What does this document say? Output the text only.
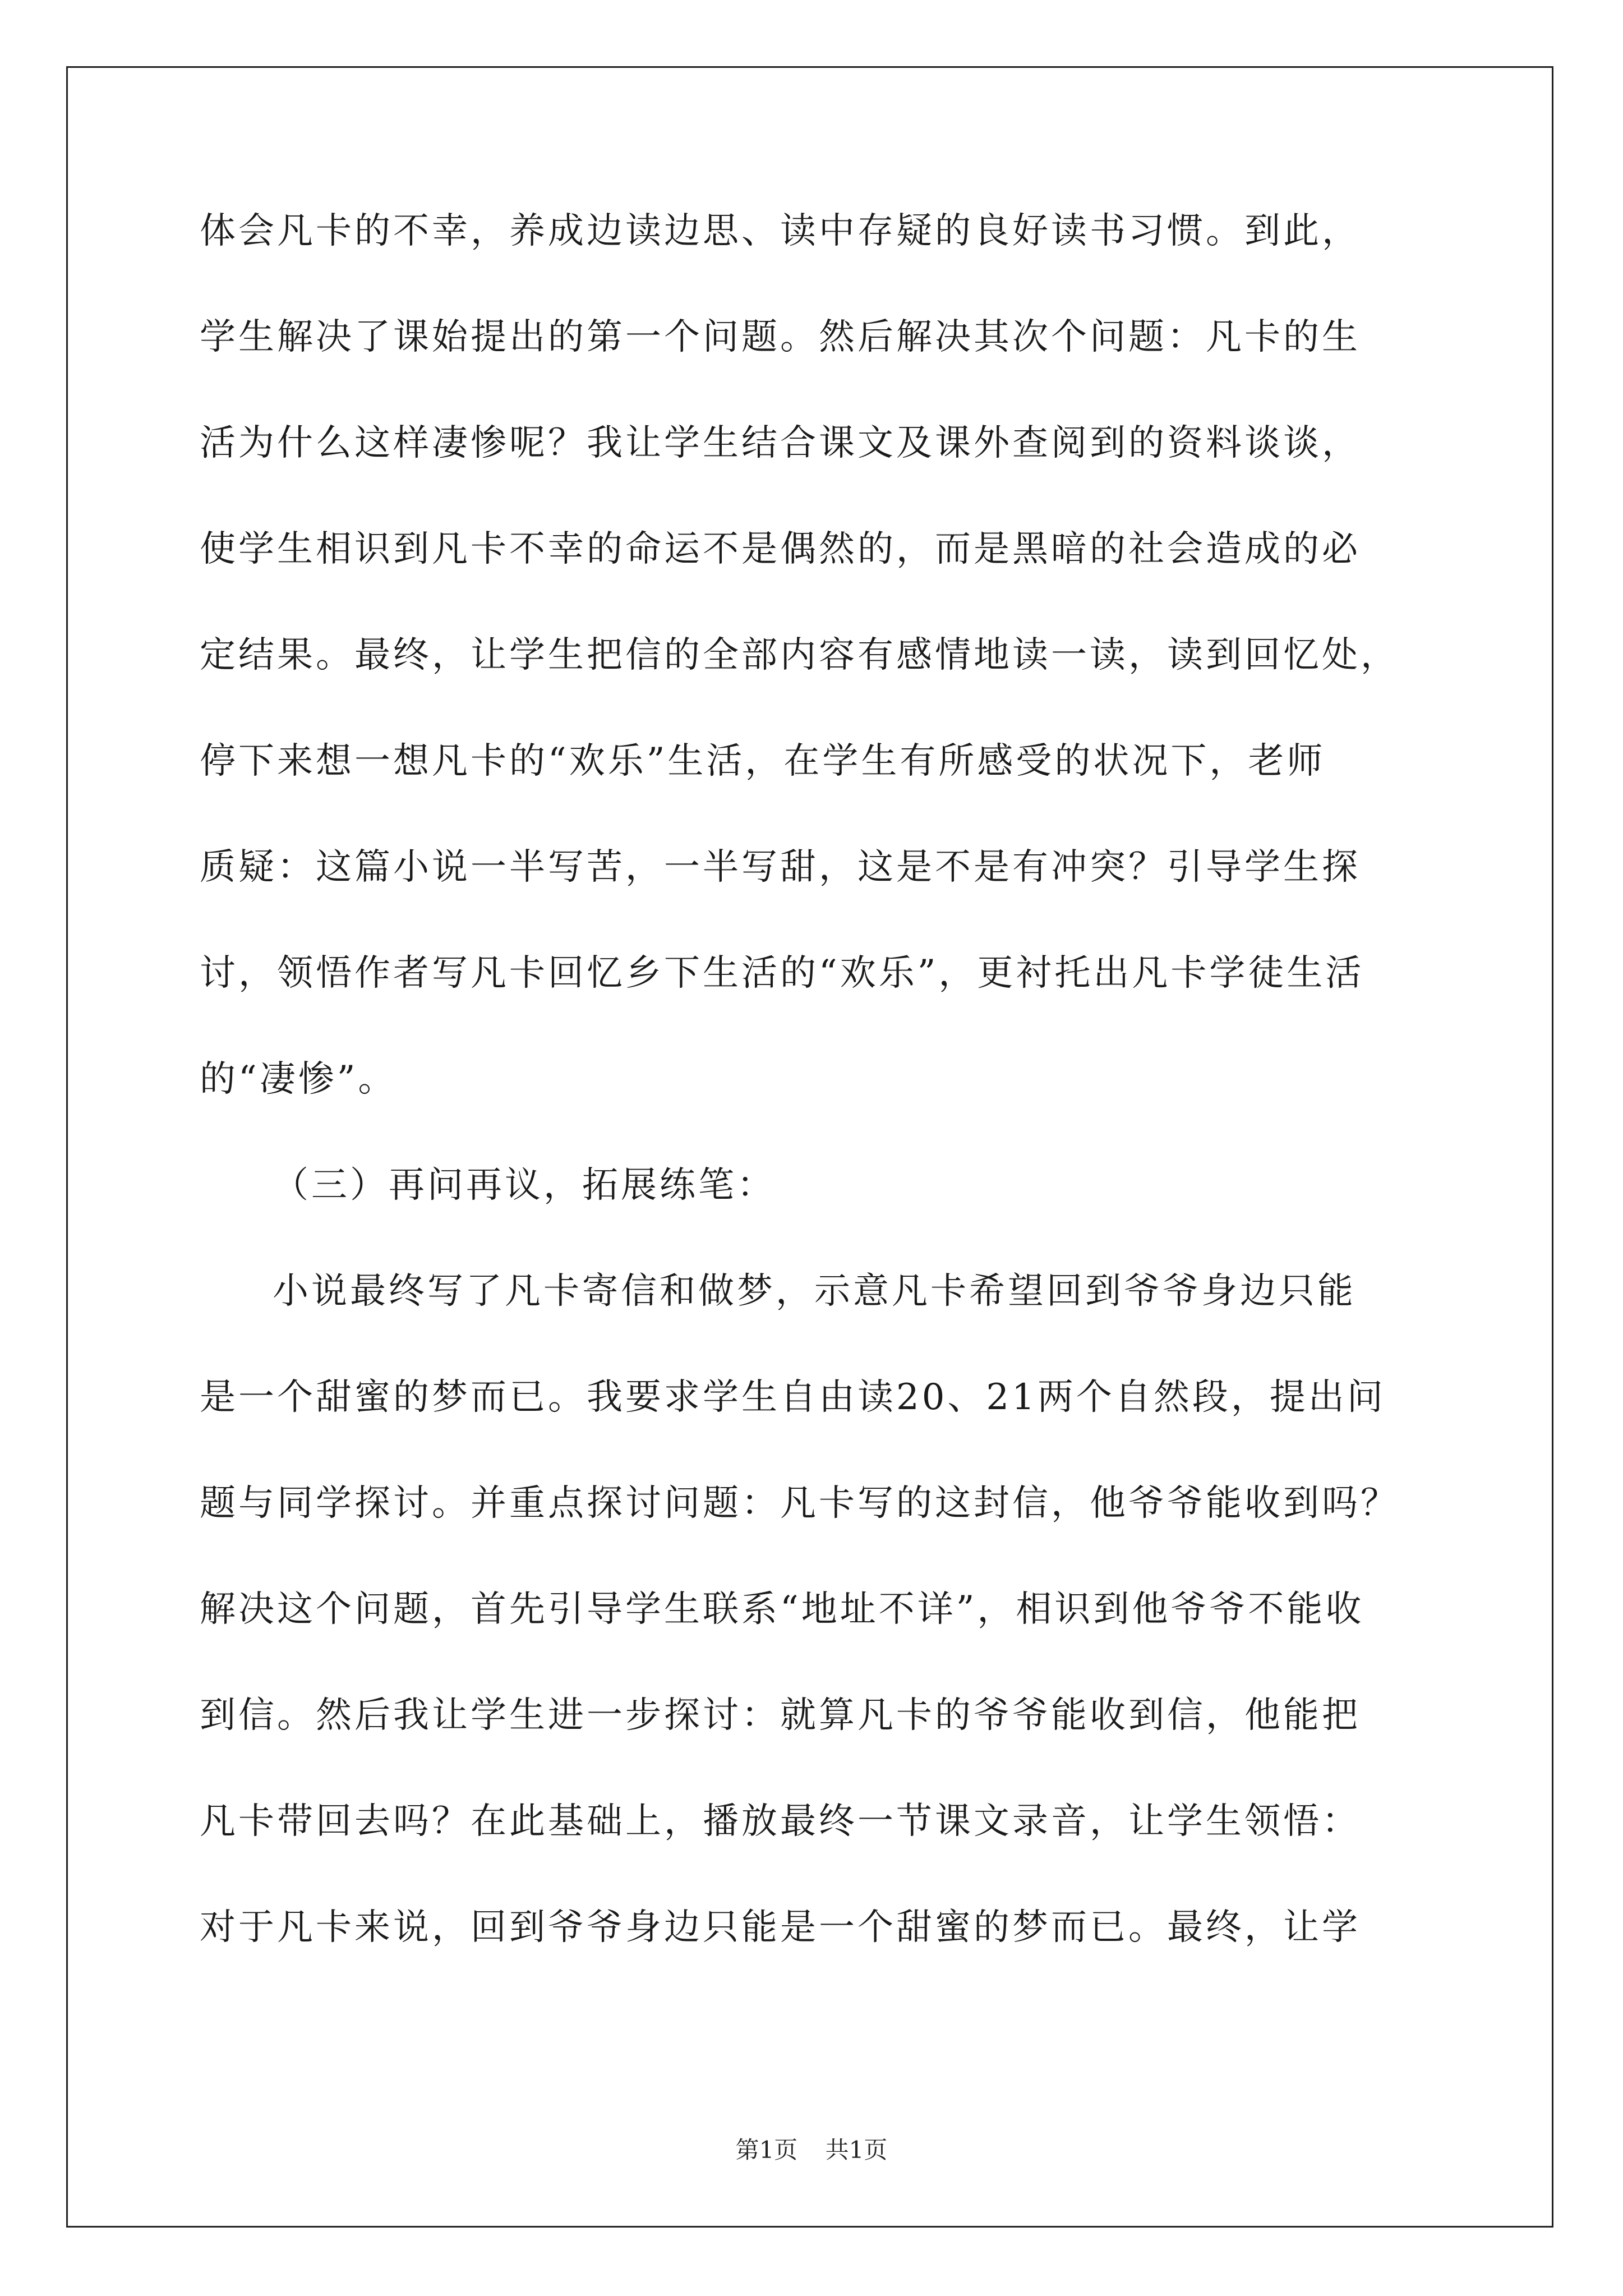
体会凡卡的不幸，养成边读边思、读中存疑的良好读书习惯。到此，
学生解决了课始提出的第一个问题。然后解决其次个问题：凡卡的生
活为什么这样凄惨呢？我让学生结合课文及课外查阅到的资料谈谈，
使学生相识到凡卡不幸的命运不是偶然的，而是黑暗的社会造成的必
定结果。最终，让学生把信的全部内容有感情地读一读，读到回忆处，
停下来想一想凡卡的“欢乐”生活，在学生有所感受的状况下，老师
质疑：这篇小说一半写苦，一半写甜，这是不是有冲突？引导学生探
讨，领悟作者写凡卡回忆乡下生活的“欢乐”，更衬托出凡卡学徒生活
的“凄惨”。
（三）再问再议，拓展练笔：
小说最终写了凡卡寄信和做梦，示意凡卡希望回到爷爷身边只能
是一个甜蜜的梦而已。我要求学生自由读20、21两个自然段，提出问
题与同学探讨。并重点探讨问题：凡卡写的这封信，他爷爷能收到吗？
解决这个问题，首先引导学生联系“地址不详”，相识到他爷爷不能收
到信。然后我让学生进一步探讨：就算凡卡的爷爷能收到信，他能把
凡卡带回去吗？在此基础上，播放最终一节课文录音，让学生领悟：
对于凡卡来说，回到爷爷身边只能是一个甜蜜的梦而已。最终，让学
第1页 共1页
